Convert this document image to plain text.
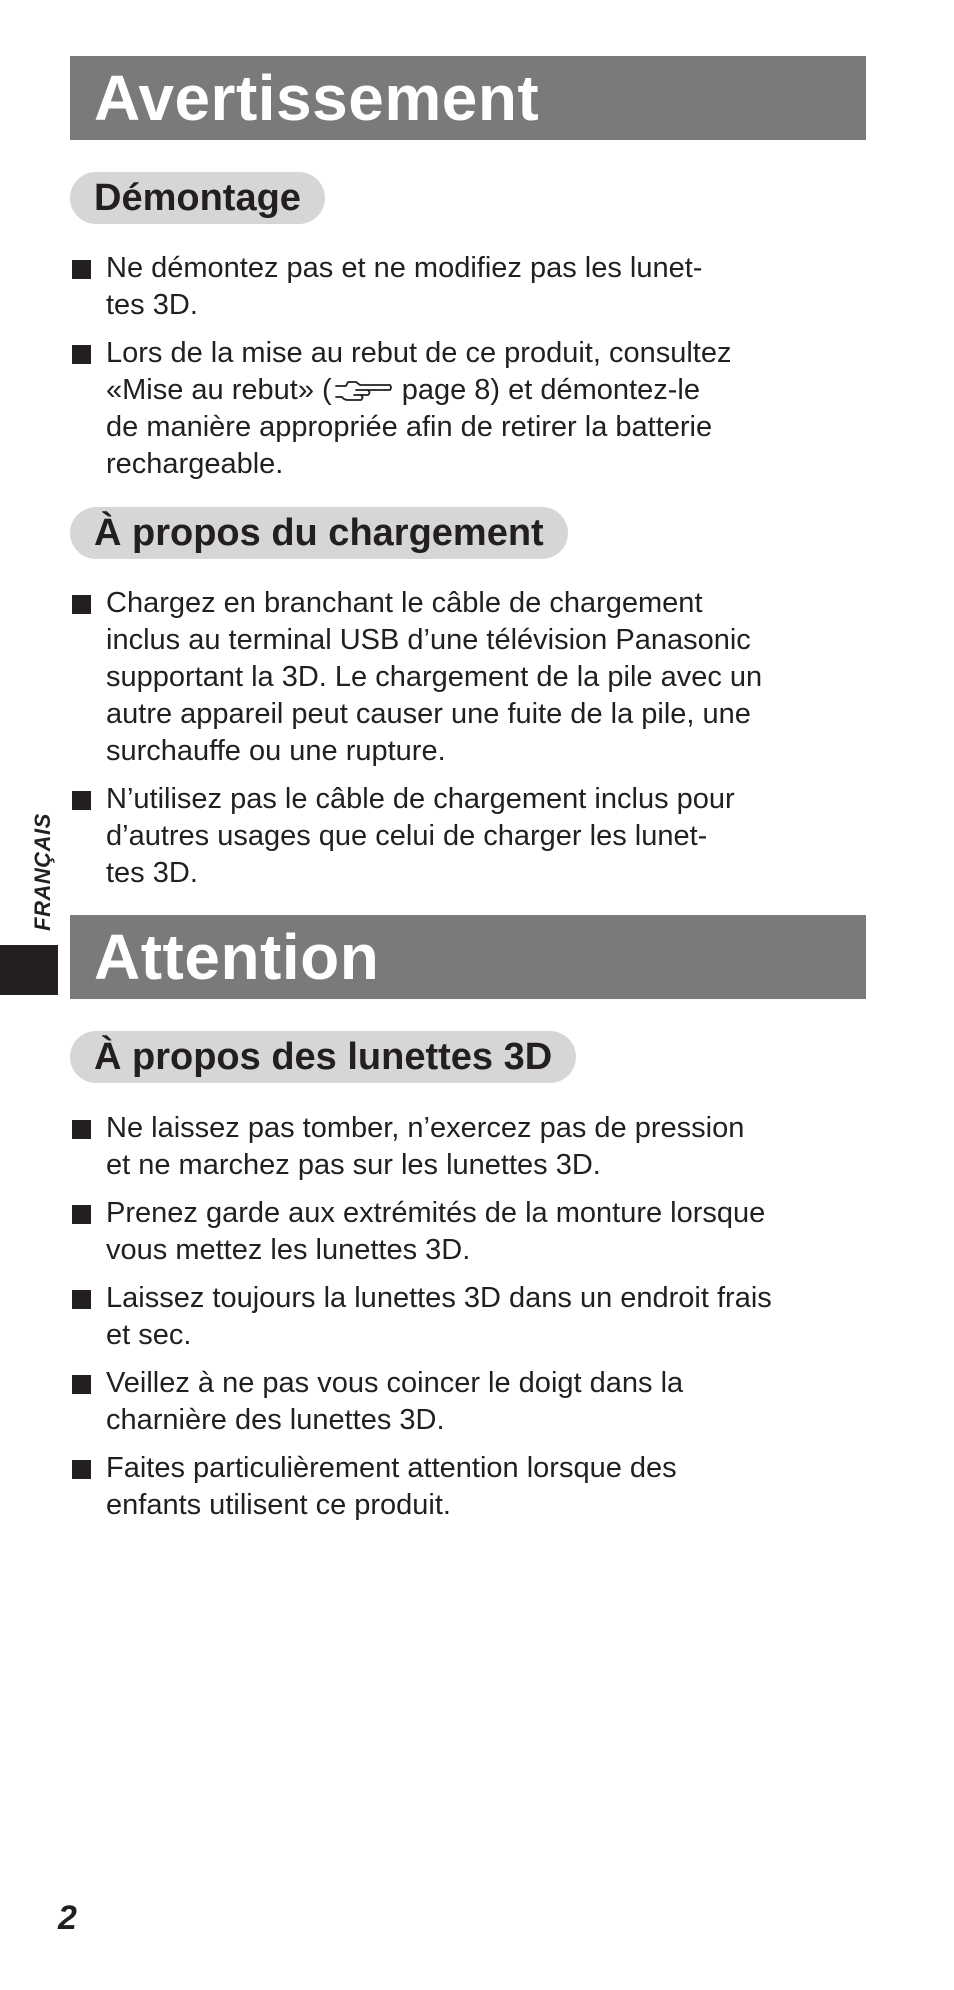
Avertissement
Démontage
Ne démontez pas et ne modifiez pas les lunet-
tes 3D.
Lors de la mise au rebut de ce produit, consultez
«Mise au rebut» ( page 8) et démontez-le
de manière appropriée afin de retirer la batterie
rechargeable.
À propos du chargement
Chargez en branchant le câble de chargement
inclus au terminal USB d’une télévision Panasonic
supportant la 3D. Le chargement de la pile avec un
autre appareil peut causer une fuite de la pile, une
surchauffe ou une rupture.
N’utilisez pas le câble de chargement inclus pour
d’autres usages que celui de charger les lunet-
tes 3D.
Attention
À propos des lunettes 3D
Ne laissez pas tomber, n’exercez pas de pression
et ne marchez pas sur les lunettes 3D.
Prenez garde aux extrémités de la monture lorsque
vous mettez les lunettes 3D.
Laissez toujours la lunettes 3D dans un endroit frais
et sec.
Veillez à ne pas vous coincer le doigt dans la
charnière des lunettes 3D.
Faites particulièrement attention lorsque des
enfants utilisent ce produit.
FRANÇAIS
2
